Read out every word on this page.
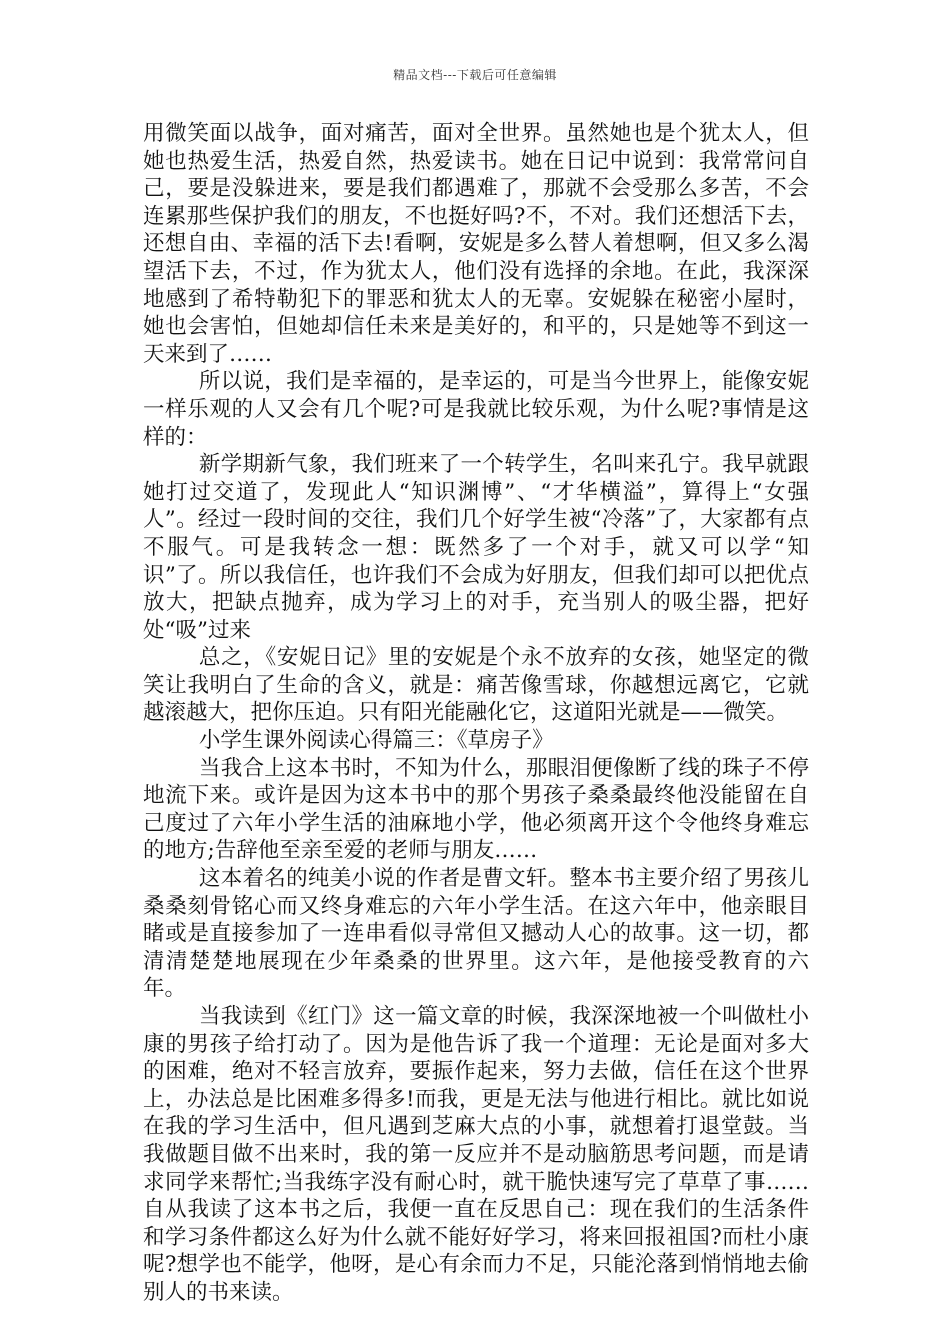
精品文档---下载后可任意编辑

用微笑面以战争，面对痛苦，面对全世界。虽然她也是个犹太人，但她也热爱生活，热爱自然，热爱读书。她在日记中说到：我常常问自己，要是没躲进来，要是我们都遇难了，那就不会受那么多苦，不会连累那些保护我们的朋友，不也挺好吗?不，不对。我们还想活下去，还想自由、幸福的活下去!看啊，安妮是多么替人着想啊，但又多么渴望活下去，不过，作为犹太人，他们没有选择的余地。在此，我深深地感到了希特勒犯下的罪恶和犹太人的无辜。安妮躲在秘密小屋时，她也会害怕，但她却信任未来是美好的，和平的，只是她等不到这一天来到了……

所以说，我们是幸福的，是幸运的，可是当今世界上，能像安妮一样乐观的人又会有几个呢?可是我就比较乐观，为什么呢?事情是这样的：

新学期新气象，我们班来了一个转学生，名叫来孔宁。我早就跟她打过交道了，发现此人“知识渊博”、“才华横溢”，算得上“女强人”。经过一段时间的交往，我们几个好学生被“冷落”了，大家都有点不服气。可是我转念一想：既然多了一个对手，就又可以学“知识”了。所以我信任，也许我们不会成为好朋友，但我们却可以把优点放大，把缺点抛弃，成为学习上的对手，充当别人的吸尘器，把好处“吸”过来

总之，《安妮日记》里的安妮是个永不放弃的女孩，她坚定的微笑让我明白了生命的含义，就是：痛苦像雪球，你越想远离它，它就越滚越大，把你压迫。只有阳光能融化它，这道阳光就是——微笑。

小学生课外阅读心得篇三：《草房子》

当我合上这本书时，不知为什么，那眼泪便像断了线的珠子不停地流下来。或许是因为这本书中的那个男孩子桑桑最终他没能留在自己度过了六年小学生活的油麻地小学，他必须离开这个令他终身难忘的地方;告辞他至亲至爱的老师与朋友……

这本着名的纯美小说的作者是曹文轩。整本书主要介绍了男孩儿桑桑刻骨铭心而又终身难忘的六年小学生活。在这六年中，他亲眼目睹或是直接参加了一连串看似寻常但又撼动人心的故事。这一切，都清清楚楚地展现在少年桑桑的世界里。这六年，是他接受教育的六年。

当我读到《红门》这一篇文章的时候，我深深地被一个叫做杜小康的男孩子给打动了。因为是他告诉了我一个道理：无论是面对多大的困难，绝对不轻言放弃，要振作起来，努力去做，信任在这个世界上，办法总是比困难多得多!而我，更是无法与他进行相比。就比如说在我的学习生活中，但凡遇到芝麻大点的小事，就想着打退堂鼓。当我做题目做不出来时，我的第一反应并不是动脑筋思考问题，而是请求同学来帮忙;当我练字没有耐心时，就干脆快速写完了草草了事……自从我读了这本书之后，我便一直在反思自己：现在我们的生活条件和学习条件都这么好为什么就不能好好学习，将来回报祖国?而杜小康呢?想学也不能学，他呀，是心有余而力不足，只能沦落到悄悄地去偷别人的书来读。
